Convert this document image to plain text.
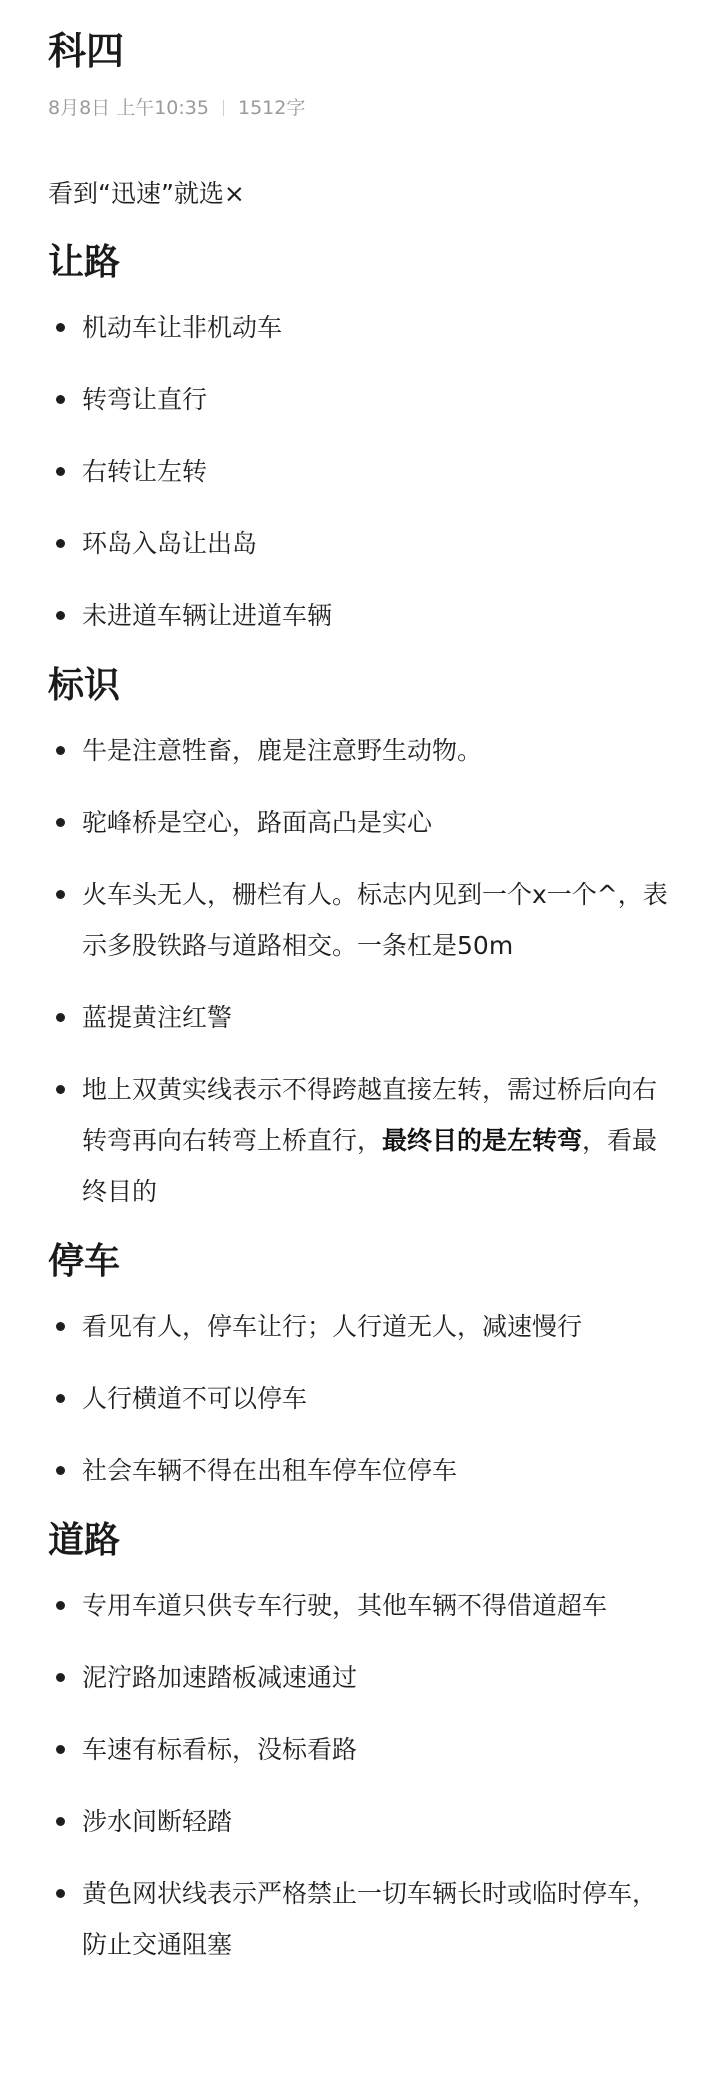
科四
8月8日 上午10:35 1512字
看到“迅速”就选×
让路
机动车让非机动车
转弯让直行
右转让左转
环岛入岛让出岛
未进道车辆让进道车辆
标识
牛是注意牲畜，鹿是注意野生动物。
驼峰桥是空心，路面高凸是实心
火车头无人，栅栏有人。标志内见到一个x一个^，表示多股铁路与道路相交。一条杠是50m
蓝提黄注红警
地上双黄实线表示不得跨越直接左转，需过桥后向右转弯再向右转弯上桥直行，最终目的是左转弯，看最终目的
停车
看见有人，停车让行；人行道无人，减速慢行
人行横道不可以停车
社会车辆不得在出租车停车位停车
道路
专用车道只供专车行驶，其他车辆不得借道超车
泥泞路加速踏板减速通过
车速有标看标，没标看路
涉水间断轻踏
黄色网状线表示严格禁止一切车辆长时或临时停车，防止交通阻塞
